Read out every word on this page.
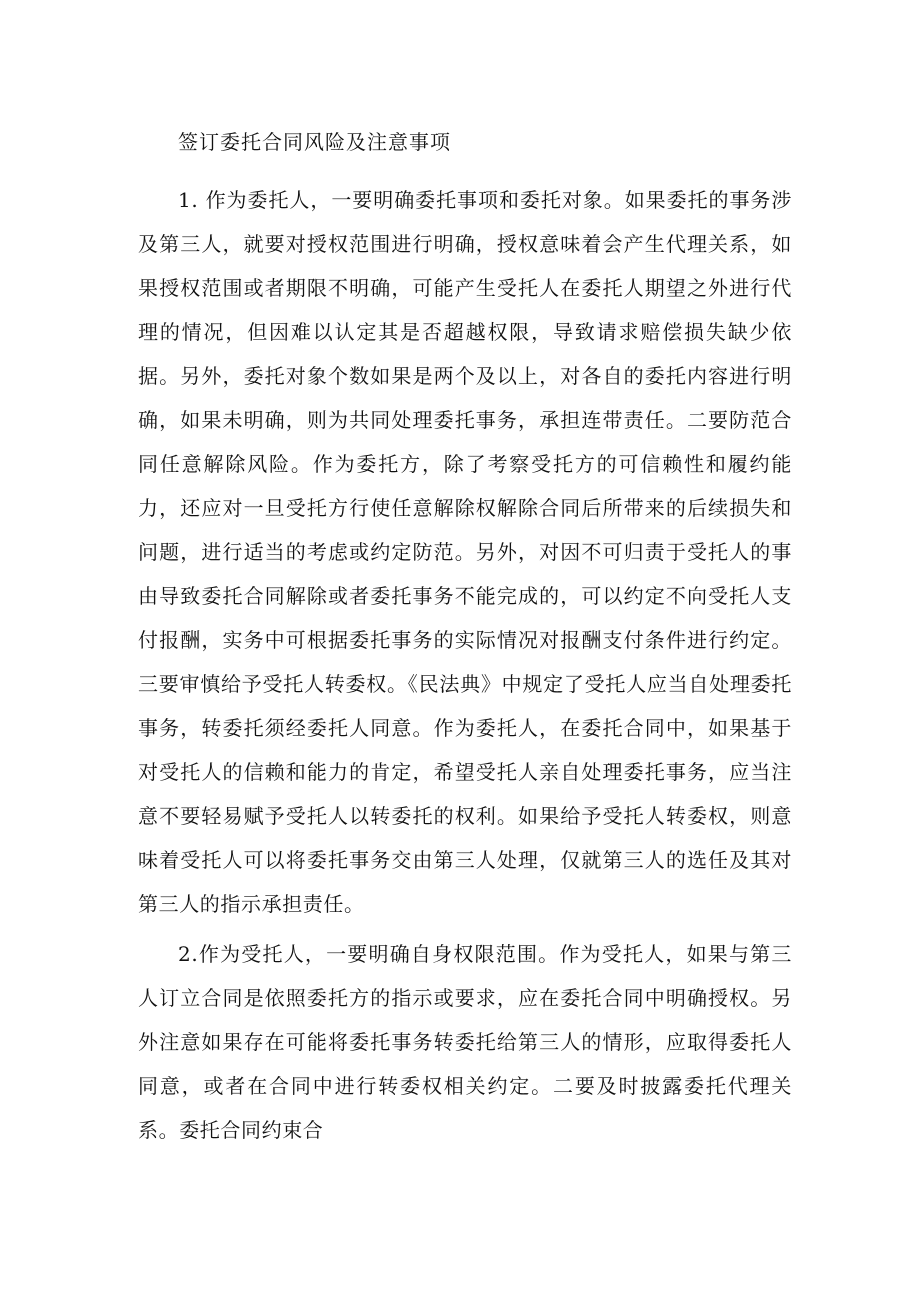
签订委托合同风险及注意事项

1. 作为委托人，一要明确委托事项和委托对象。如果委托的事务涉及第三人，就要对授权范围进行明确，授权意味着会产生代理关系，如果授权范围或者期限不明确，可能产生受托人在委托人期望之外进行代理的情况，但因难以认定其是否超越权限，导致请求赔偿损失缺少依据。另外，委托对象个数如果是两个及以上，对各自的委托内容进行明确，如果未明确，则为共同处理委托事务，承担连带责任。二要防范合同任意解除风险。作为委托方，除了考察受托方的可信赖性和履约能力，还应对一旦受托方行使任意解除权解除合同后所带来的后续损失和问题，进行适当的考虑或约定防范。另外，对因不可归责于受托人的事由导致委托合同解除或者委托事务不能完成的，可以约定不向受托人支付报酬，实务中可根据委托事务的实际情况对报酬支付条件进行约定。三要审慎给予受托人转委权。《民法典》中规定了受托人应当自处理委托事务，转委托须经委托人同意。作为委托人，在委托合同中，如果基于对受托人的信赖和能力的肯定，希望受托人亲自处理委托事务，应当注意不要轻易赋予受托人以转委托的权利。如果给予受托人转委权，则意味着受托人可以将委托事务交由第三人处理，仅就第三人的选任及其对第三人的指示承担责任。

2.作为受托人，一要明确自身权限范围。作为受托人，如果与第三人订立合同是依照委托方的指示或要求，应在委托合同中明确授权。另外注意如果存在可能将委托事务转委托给第三人的情形，应取得委托人同意，或者在合同中进行转委权相关约定。二要及时披露委托代理关系。委托合同约束合
